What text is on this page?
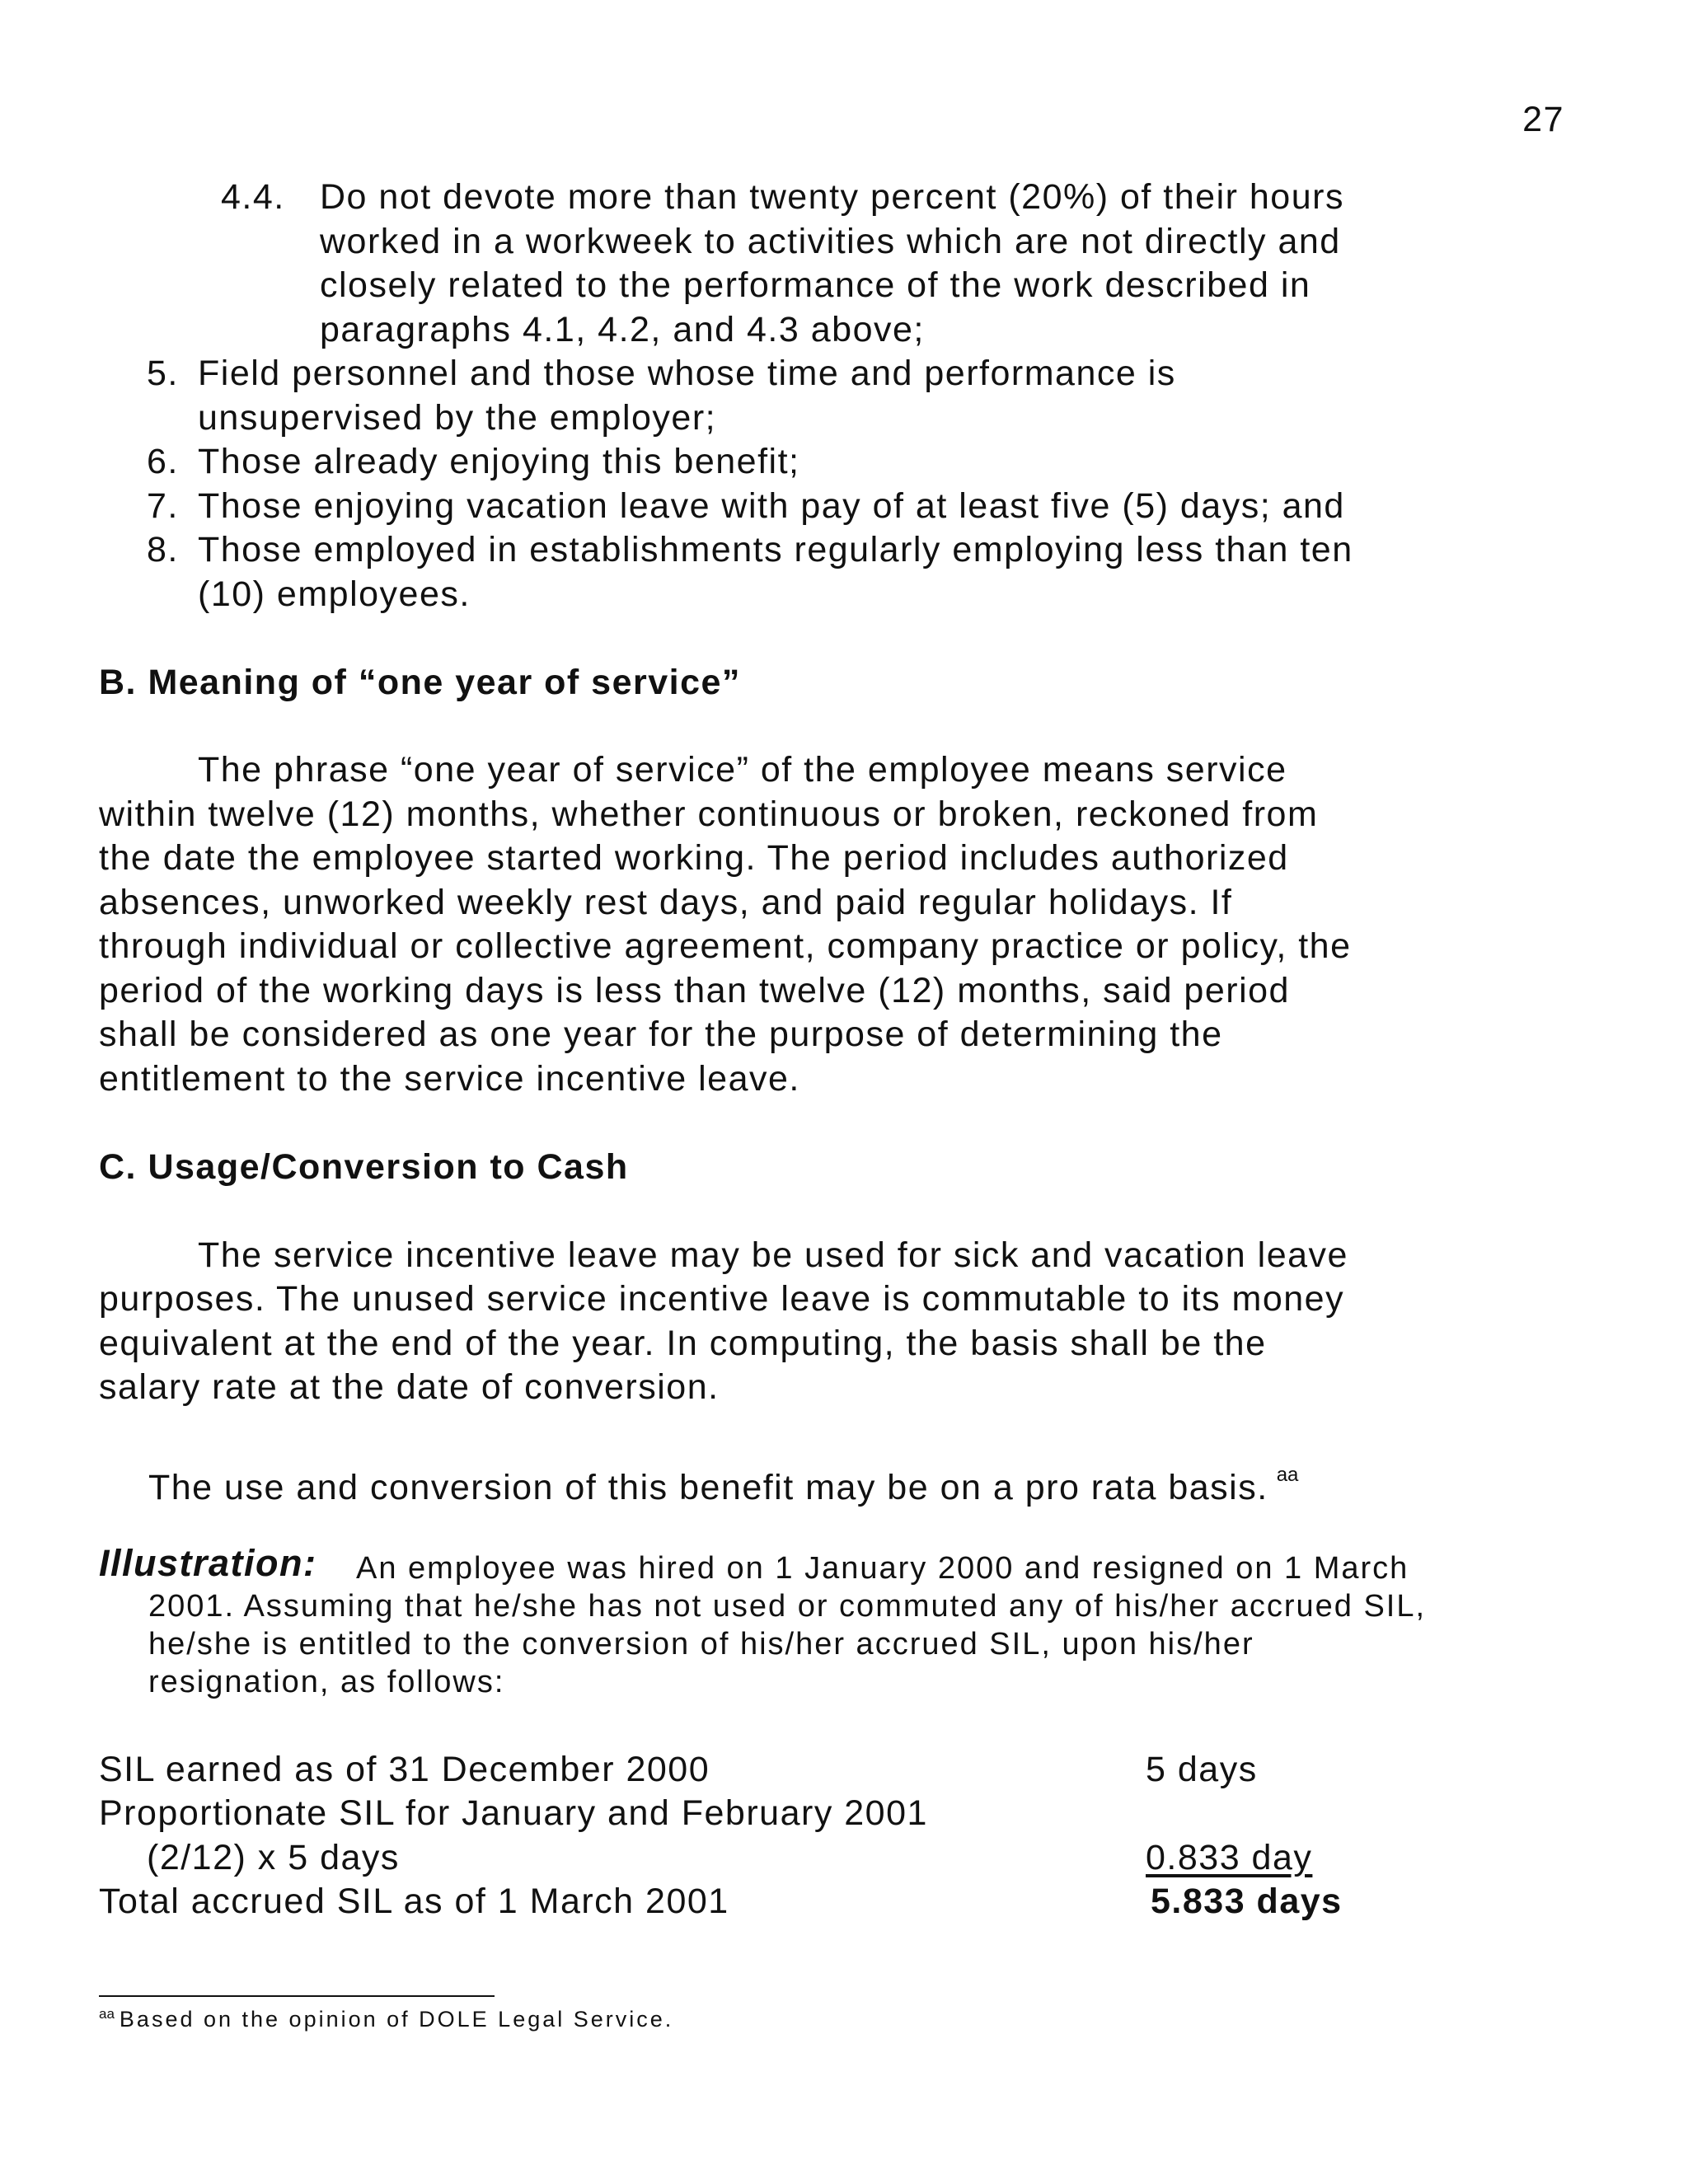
27
4.4. Do not devote more than twenty percent (20%) of their hours
worked in a workweek to activities which are not directly and
closely related to the performance of the work described in
paragraphs 4.1, 4.2, and 4.3 above;
5. Field personnel and those whose time and performance is
unsupervised by the employer;
6. Those already enjoying this benefit;
7. Those enjoying vacation leave with pay of at least five (5) days; and
8. Those employed in establishments regularly employing less than ten
(10) employees.
B. Meaning of “one year of service”
The phrase “one year of service” of the employee means service
within twelve (12) months, whether continuous or broken, reckoned from
the date the employee started working. The period includes authorized
absences, unworked weekly rest days, and paid regular holidays. If
through individual or collective agreement, company practice or policy, the
period of the working days is less than twelve (12) months, said period
shall be considered as one year for the purpose of determining the
entitlement to the service incentive leave.
C. Usage/Conversion to Cash
The service incentive leave may be used for sick and vacation leave
purposes. The unused service incentive leave is commutable to its money
equivalent at the end of the year. In computing, the basis shall be the
salary rate at the date of conversion.
The use and conversion of this benefit may be on a pro rata basis. $^{aa}$
Illustration:	An employee was hired on 1 January 2000 and resigned on 1 March
2001. Assuming that he/she has not used or commuted any of his/her accrued SIL,
he/she is entitled to the conversion of his/her accrued SIL, upon his/her
resignation, as follows:
SIL earned as of 31 December 2000	5 days
Proportionate SIL for January and February 2001
(2/12) x 5 days	0.833 day
Total accrued SIL as of 1 March 2001	5.833 days
$^{aa}$ Based on the opinion of DOLE Legal Service.
